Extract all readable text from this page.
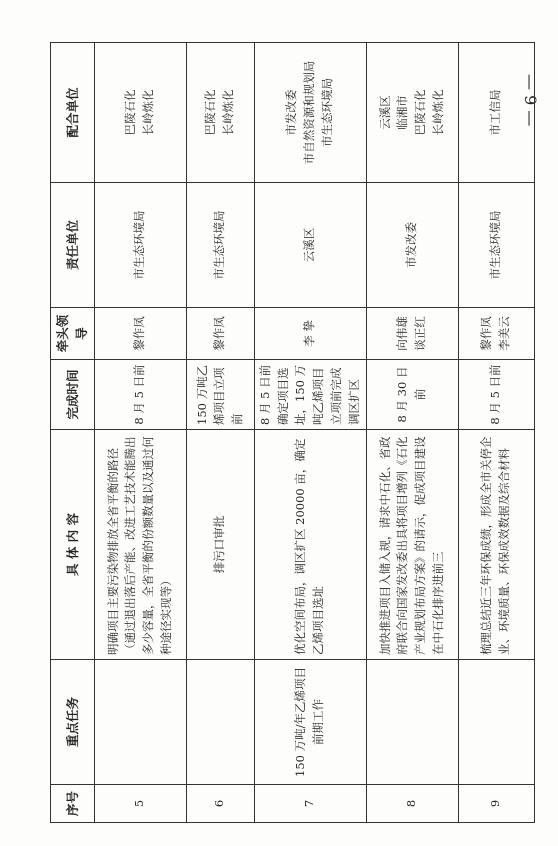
— 9 —
序号	重点任务	具 体 内 容	完成时间	牵头领导	责任单位	配合单位
5		明确项目主要污染物排放全省平衡的路径（通过退出落后产能、改进工艺技术能腾出多少容量，全省平衡的份额数量以及通过何种途径实现等）	8 月 5 日前	黎作凤	市生态环境局	巴陵石化 长岭炼化

6		排污口审批	150 万吨乙烯项目立项前	黎作凤	市生态环境局	巴陵石化 长岭炼化

7	150 万吨/年乙烯项目前期工作	优化空间布局，调区扩区 20000 亩，确定乙烯项目选址	8 月 5 日前确定项目选址，150 万吨乙烯项目立项前完成调区扩区	李 挚	云溪区	市发改委 市自然资源和规划局 市生态环境局

8		加快推进项目入储入规，请求中石化、省政府联合向国家发改委出具将项目增列《石化产业规划布局方案》的请示，促成项目建设在中石化排序进前三	8 月 30 日前	向伟雄 谈正红	市发改委	云溪区 临湘市 巴陵石化 长岭炼化

9		梳理总结近三年环保成绩，形成全市关停企业、环境质量、环保成效数据及综合材料	8 月 5 日前	黎作凤 李美云	市生态环境局	市工信局
